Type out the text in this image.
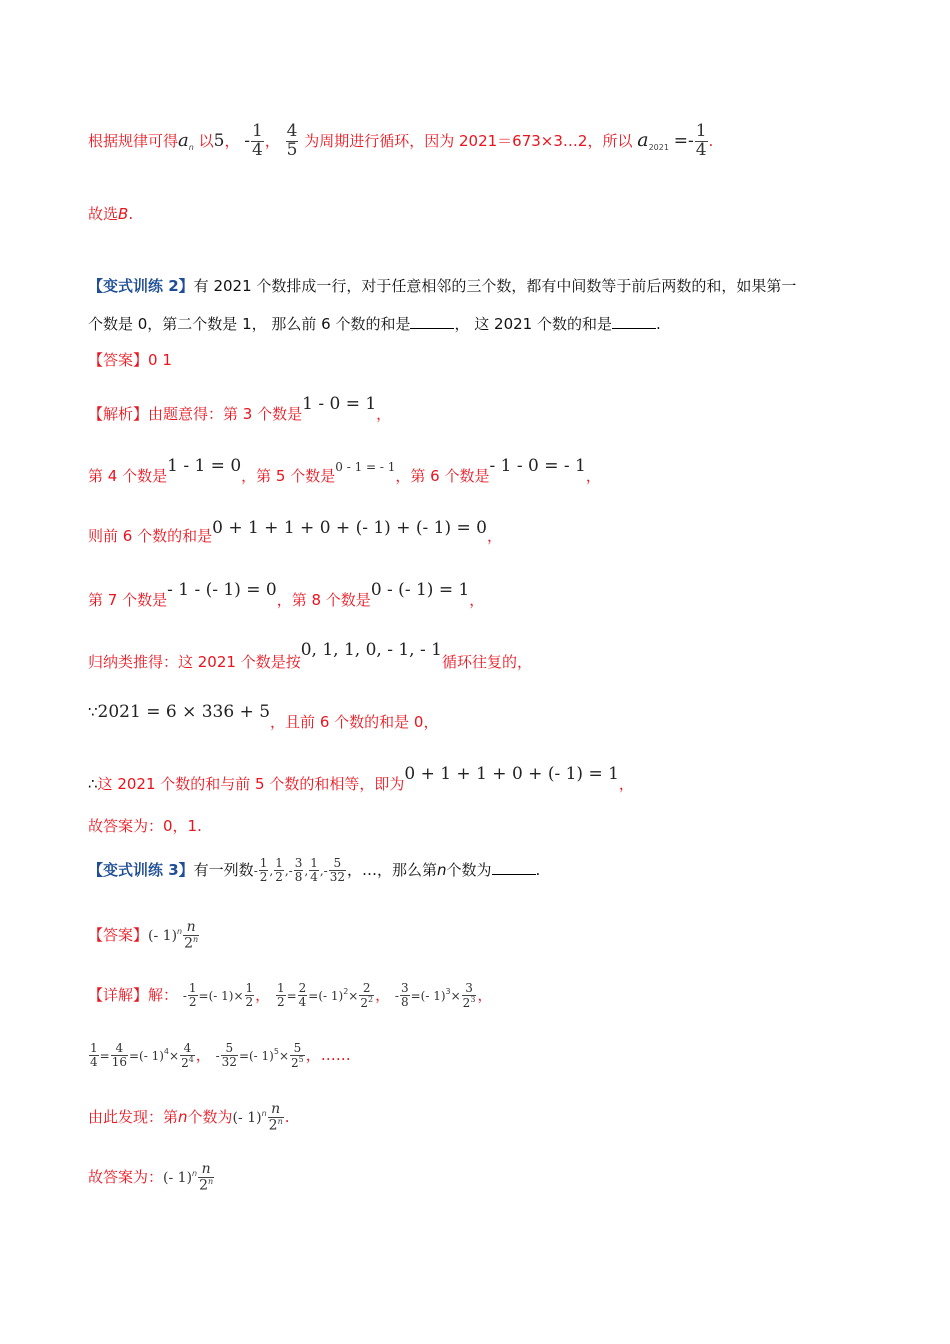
根据规律可得$a_n$ 以5， - $\frac{1}{4}$ ， $\frac{4}{5}$ 为周期进行循环，因为 2021＝673×3…2，所以 $a_{2021} =- \frac{1}{4}$ .
故选B.
【变式训练 2】有 2021 个数排成一行，对于任意相邻的三个数，都有中间数等于前后两数的和，如果第一
个数是 0，第二个数是 1， 那么前 6 个数的和是	， 这 2021 个数的和是	.
【答案】0 1
【解析】由题意得：第 3 个数是1 - 0 = 1，
第 4 个数是1 - 1 = 0，第 5 个数是$^{0 - 1 = - 1}$，第 6 个数是- 1 - 0 = - 1，
则前 6 个数的和是0 + 1 + 1 + 0 + (- 1) + (- 1) = 0，
第 7 个数是- 1 - (- 1) = 0，第 8 个数是0 - (- 1) = 1，
归纳类推得：这 2021 个数是按0, 1, 1, 0, - 1, - 1循环往复的，
∵2021 = 6 × 336 + 5，且前 6 个数的和是 0，
∴这 2021 个数的和与前 5 个数的和相等，即为0 + 1 + 1 + 0 + (- 1) = 1，
故答案为：0，1.
【变式训练 3】有一列数- $\frac{1}{2}$ , $\frac{1}{2}$ ,- $\frac{3}{8}$ , $\frac{1}{4}$ ,- $\frac{5}{32}$ ，…，那么第n个数为	.
【答案】(- $1)^n \frac{n}{2^n}$
【详解】解： - $\frac{1}{2}$ =(- $1)\times \frac{1}{2}$ ， $\frac{1}{2} = \frac{2}{4}$ =(- $1)^2\times \frac{2}{2^2}$ ， - $\frac{3}{8}$ =(- $1)^3\times \frac{3}{2^3}$ ，
$\frac{1}{4} = \frac{4}{16}$ =(- $1)^4\times \frac{4}{2^4}$ ， - $\frac{5}{32}$ =(- $1)^5\times \frac{5}{2^5}$ ，……
由此发现：第n个数为(- $1)^n \frac{n}{2^n}$ .
故答案为：(- $1)^n \frac{n}{2^n}$
